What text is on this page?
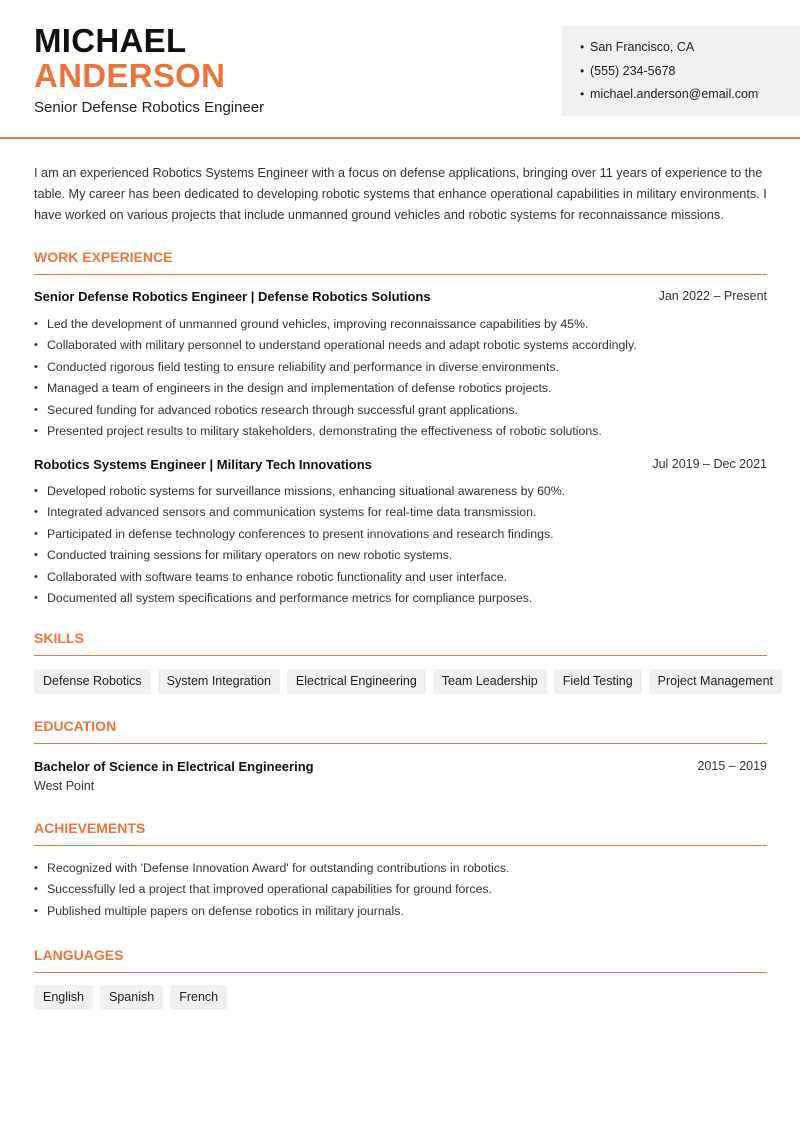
MICHAEL
ANDERSON
Senior Defense Robotics Engineer
• San Francisco, CA
• (555) 234-5678
• michael.anderson@email.com
I am an experienced Robotics Systems Engineer with a focus on defense applications, bringing over 11 years of experience to the table. My career has been dedicated to developing robotic systems that enhance operational capabilities in military environments. I have worked on various projects that include unmanned ground vehicles and robotic systems for reconnaissance missions.
WORK EXPERIENCE
Senior Defense Robotics Engineer | Defense Robotics Solutions	Jan 2022 – Present
• Led the development of unmanned ground vehicles, improving reconnaissance capabilities by 45%.
• Collaborated with military personnel to understand operational needs and adapt robotic systems accordingly.
• Conducted rigorous field testing to ensure reliability and performance in diverse environments.
• Managed a team of engineers in the design and implementation of defense robotics projects.
• Secured funding for advanced robotics research through successful grant applications.
• Presented project results to military stakeholders, demonstrating the effectiveness of robotic solutions.
Robotics Systems Engineer | Military Tech Innovations	Jul 2019 – Dec 2021
• Developed robotic systems for surveillance missions, enhancing situational awareness by 60%.
• Integrated advanced sensors and communication systems for real-time data transmission.
• Participated in defense technology conferences to present innovations and research findings.
• Conducted training sessions for military operators on new robotic systems.
• Collaborated with software teams to enhance robotic functionality and user interface.
• Documented all system specifications and performance metrics for compliance purposes.
SKILLS
Defense Robotics	System Integration	Electrical Engineering	Team Leadership	Field Testing	Project Management
EDUCATION
Bachelor of Science in Electrical Engineering	2015 – 2019
West Point
ACHIEVEMENTS
• Recognized with 'Defense Innovation Award' for outstanding contributions in robotics.
• Successfully led a project that improved operational capabilities for ground forces.
• Published multiple papers on defense robotics in military journals.
LANGUAGES
English	Spanish	French
